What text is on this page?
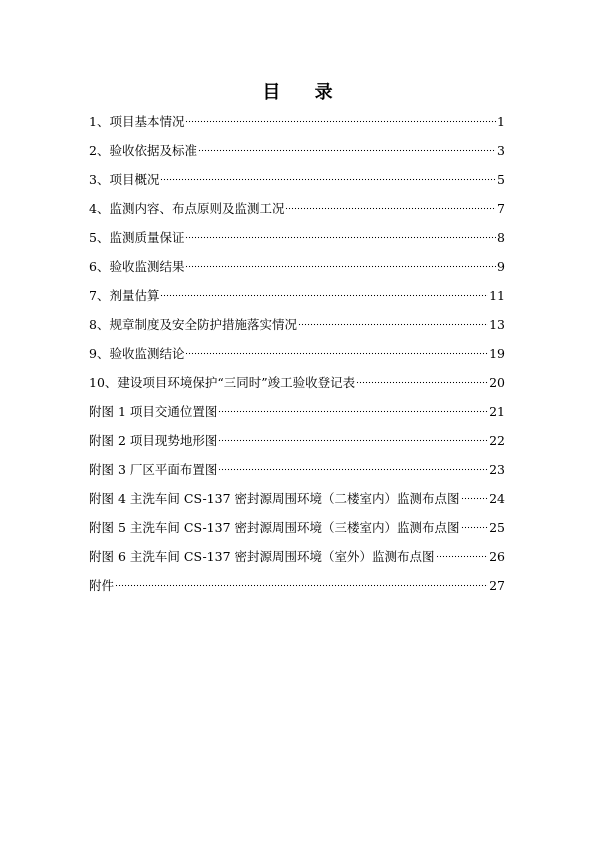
目 录
1、项目基本情况	1
2、验收依据及标准	3
3、项目概况	5
4、监测内容、布点原则及监测工况	7
5、监测质量保证	8
6、验收监测结果	9
7、剂量估算	11
8、规章制度及安全防护措施落实情况	13
9、验收监测结论	19
10、建设项目环境保护“三同时”竣工验收登记表	20
附图 1 项目交通位置图	21
附图 2 项目现势地形图	22
附图 3 厂区平面布置图	23
附图 4 主洗车间 CS-137 密封源周围环境（二楼室内）监测布点图 24
附图 5 主洗车间 CS-137 密封源周围环境（三楼室内）监测布点图 25
附图 6 主洗车间 CS-137 密封源周围环境（室外）监测布点图	26
附件	27
